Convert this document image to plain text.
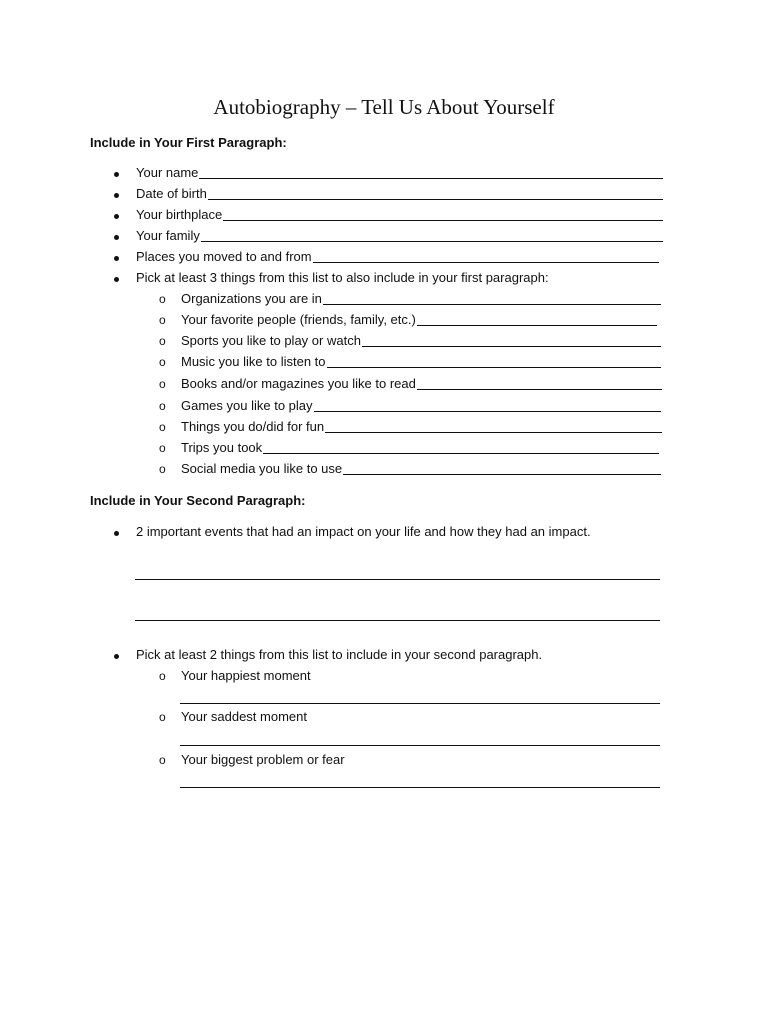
Autobiography – Tell Us About Yourself
Include in Your First Paragraph:
Your name
Date of birth
Your birthplace
Your family
Places you moved to and from
Pick at least 3 things from this list to also include in your first paragraph:
o Organizations you are in
o Your favorite people (friends, family, etc.)
o Sports you like to play or watch
o Music you like to listen to
o Books and/or magazines you like to read
o Games you like to play
o Things you do/did for fun
o Trips you took
o Social media you like to use
Include in Your Second Paragraph:
2 important events that had an impact on your life and how they had an impact.
Pick at least 2 things from this list to include in your second paragraph.
o Your happiest moment
o Your saddest moment
o Your biggest problem or fear
